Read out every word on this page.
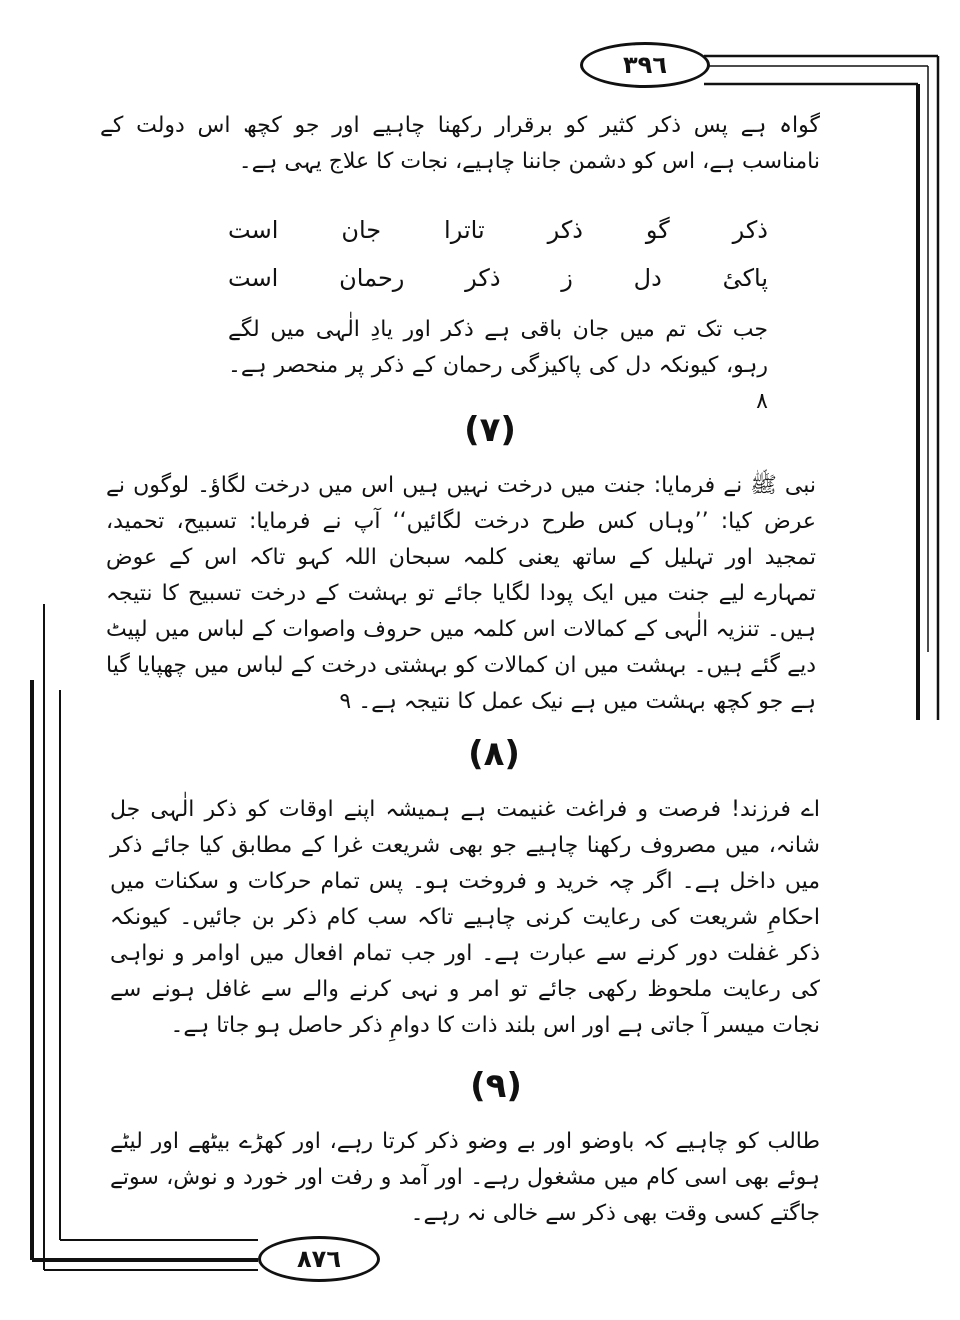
٣٩٦
٨٧٦

گواہ ہے پس ذکر کثیر کو برقرار رکھنا چاہیے اور جو کچھ اس دولت کے نامناسب ہے، اس کو دشمن جاننا چاہیے، نجات کا علاج یہی ہے۔

ذکر
گو
ذکر
تاترا
جان
است
پاکیٔ
دل
ز
ذکر
رحمان
است

جب تک تم میں جان باقی ہے ذکر اور یادِ الٰہی میں لگے رہو، کیونکہ دل کی پاکیزگی رحمان کے ذکر پر منحصر ہے۔ ٨

(٧)

نبی ﷺ نے فرمایا: جنت میں درخت نہیں ہیں اس میں درخت لگاؤ۔ لوگوں نے عرض کیا: ’’وہاں کس طرح درخت لگائیں‘‘ آپ نے فرمایا: تسبیح، تحمید، تمجید اور تہلیل کے ساتھ یعنی کلمہ سبحان اللہ کہو تاکہ اس کے عوض تمہارے لیے جنت میں ایک پودا لگایا جائے تو بہشت کے درخت تسبیح کا نتیجہ ہیں۔ تنزیہ الٰہی کے کمالات اس کلمہ میں حروف واصوات کے لباس میں لپیٹ دیے گئے ہیں۔ بہشت میں ان کمالات کو بہشتی درخت کے لباس میں چھپایا گیا ہے جو کچھ بہشت میں ہے نیک عمل کا نتیجہ ہے۔ ٩

(٨)

اے فرزند! فرصت و فراغت غنیمت ہے ہمیشہ اپنے اوقات کو ذکر الٰہی جل شانہ، میں مصروف رکھنا چاہیے جو بھی شریعت غرا کے مطابق کیا جائے ذکر میں داخل ہے۔ اگر چہ خرید و فروخت ہو۔ پس تمام حرکات و سکنات میں احکامِ شریعت کی رعایت کرنی چاہیے تاکہ سب کام ذکر بن جائیں۔ کیونکہ ذکر غفلت دور کرنے سے عبارت ہے۔ اور جب تمام افعال میں اوامر و نواہی کی رعایت ملحوظ رکھی جائے تو امر و نہی کرنے والے سے غافل ہونے سے نجات میسر آ جاتی ہے اور اس بلند ذات کا دوامِ ذکر حاصل ہو جاتا ہے۔

(٩)

طالب کو چاہیے کہ باوضو اور بے وضو ذکر کرتا رہے، اور کھڑے بیٹھے اور لیٹے ہوئے بھی اسی کام میں مشغول رہے۔ اور آمد و رفت اور خورد و نوش، سوتے جاگتے کسی وقت بھی ذکر سے خالی نہ رہے۔
